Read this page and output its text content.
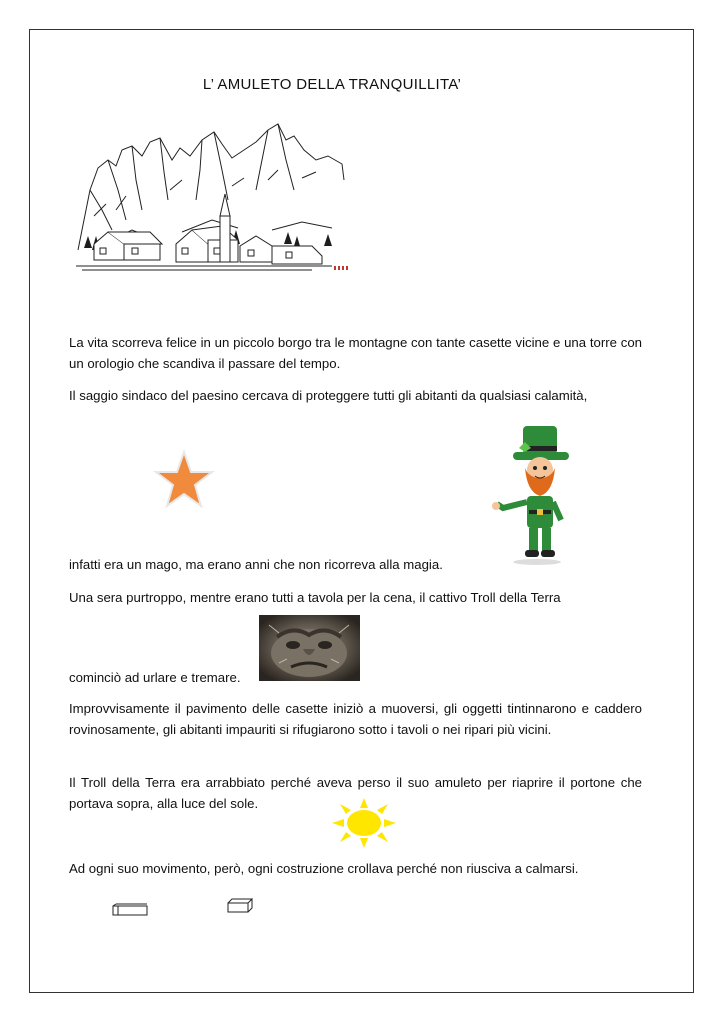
L’ AMULETO DELLA TRANQUILLITA’

La vita scorreva felice in un piccolo borgo tra le montagne con tante casette vicine e una torre con un orologio che scandiva il passare del tempo.

Il saggio sindaco del paesino cercava di proteggere tutti gli abitanti da qualsiasi calamità,

infatti era un mago, ma erano anni che non ricorreva alla magia.

Una sera purtroppo, mentre erano tutti a tavola per la cena, il cattivo Troll della Terra

cominciò ad urlare e tremare.

Improvvisamente il pavimento delle casette iniziò a muoversi, gli oggetti tintinnarono e caddero rovinosamente, gli abitanti impauriti si rifugiarono sotto i tavoli o nei ripari più vicini.

Il Troll della Terra era arrabbiato perché aveva perso il suo amuleto per riaprire il portone che portava sopra, alla luce del sole.

Ad ogni suo movimento, però, ogni costruzione crollava perché non riusciva a calmarsi.
